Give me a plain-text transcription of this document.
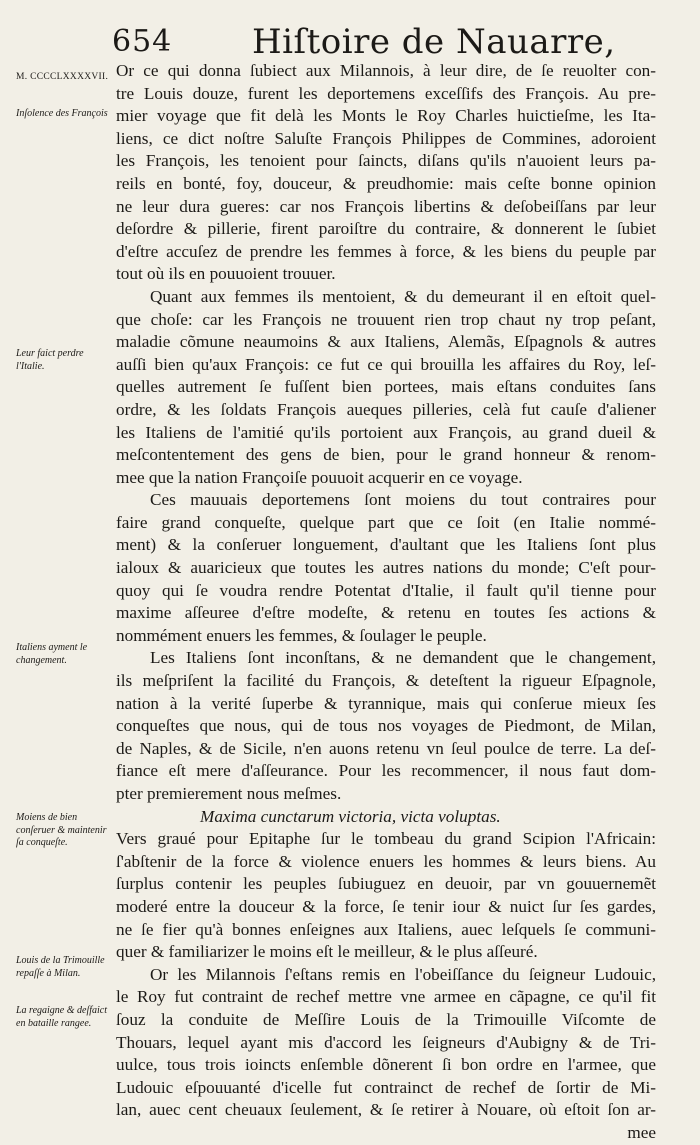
654 Hiſtoire de Nauarre,
M. CCCCLXXXXVII.
Inſolence des François
Leur faict perdre l'Italie.
Italiens ayment le changement.
Moiens de bien conſeruer & maintenir ſa conqueſte.
Louis de la Trimouille repaſſe à Milan.
La regaigne & deſfaict en bataille rangee.
Or ce qui donna ſubiect aux Milannois, à leur dire, de ſe reuolter con-
tre Louis douze, furent les deportemens exceſſifs des François. Au pre-
mier voyage que fit delà les Monts le Roy Charles huictieſme, les Ita-
liens, ce dict noſtre Saluſte François Philippes de Commines, adoroient
les François, les tenoient pour ſaincts, diſans qu'ils n'auoient leurs pa-
reils en bonté, foy, douceur, & preudhomie: mais ceſte bonne opinion
ne leur dura gueres: car nos François libertins & deſobeiſſans par leur
deſordre & pillerie, firent paroiſtre du contraire, & donnerent le ſubiet
d'eſtre accuſez de prendre les femmes à force, & les biens du peuple par
tout où ils en pouuoient trouuer.
Quant aux femmes ils mentoient, & du demeurant il en eſtoit quel-
que choſe: car les François ne trouuent rien trop chaut ny trop peſant,
maladie cõmune neaumoins & aux Italiens, Alemãs, Eſpagnols & autres
auſſi bien qu'aux François: ce fut ce qui brouilla les affaires du Roy, leſ-
quelles autrement ſe fuſſent bien portees, mais eſtans conduites ſans
ordre, & les ſoldats François aueques pilleries, celà fut cauſe d'aliener
les Italiens de l'amitié qu'ils portoient aux François, au grand dueil &
meſcontentement des gens de bien, pour le grand honneur & renom-
mee que la nation Françoiſe pouuoit acquerir en ce voyage.
Ces mauuais deportemens ſont moiens du tout contraires pour
faire grand conqueſte, quelque part que ce ſoit (en Italie nommé-
ment) & la conſeruer longuement, d'aultant que les Italiens ſont plus
ialoux & auaricieux que toutes les autres nations du monde; C'eſt pour-
quoy qui ſe voudra rendre Potentat d'Italie, il fault qu'il tienne pour
maxime aſſeuree d'eſtre modeſte, & retenu en toutes ſes actions &
nommément enuers les femmes, & ſoulager le peuple.
Les Italiens ſont inconſtans, & ne demandent que le changement,
ils meſpriſent la facilité du François, & deteſtent la rigueur Eſpagnole,
nation à la verité ſuperbe & tyrannique, mais qui conſerue mieux ſes
conqueſtes que nous, qui de tous nos voyages de Piedmont, de Milan,
de Naples, & de Sicile, n'en auons retenu vn ſeul poulce de terre. La deſ-
fiance eſt mere d'aſſeurance. Pour les recommencer, il nous faut dom-
pter premierement nous meſmes.
Maxima cunctarum victoria, victa voluptas.
Vers graué pour Epitaphe ſur le tombeau du grand Scipion l'Africain:
ſ'abſtenir de la force & violence enuers les hommes & leurs biens. Au
ſurplus contenir les peuples ſubiuguez en deuoir, par vn gouuernemẽt
moderé entre la douceur & la force, ſe tenir iour & nuict ſur ſes gardes,
ne ſe fier qu'à bonnes enſeignes aux Italiens, auec leſquels ſe communi-
quer & familiarizer le moins eſt le meilleur, & le plus aſſeuré.
Or les Milannois ſ'eſtans remis en l'obeiſſance du ſeigneur Ludouic,
le Roy fut contraint de rechef mettre vne armee en cãpagne, ce qu'il fit
ſouz la conduite de Meſſire Louis de la Trimouille Viſcomte de
Thouars, lequel ayant mis d'accord les ſeigneurs d'Aubigny & de Tri-
uulce, tous trois ioincts enſemble dõnerent ſi bon ordre en l'armee, que
Ludouic eſpouuanté d'icelle fut contrainct de rechef de ſortir de Mi-
lan, auec cent cheuaux ſeulement, & ſe retirer à Nouare, où eſtoit ſon ar-
mee
